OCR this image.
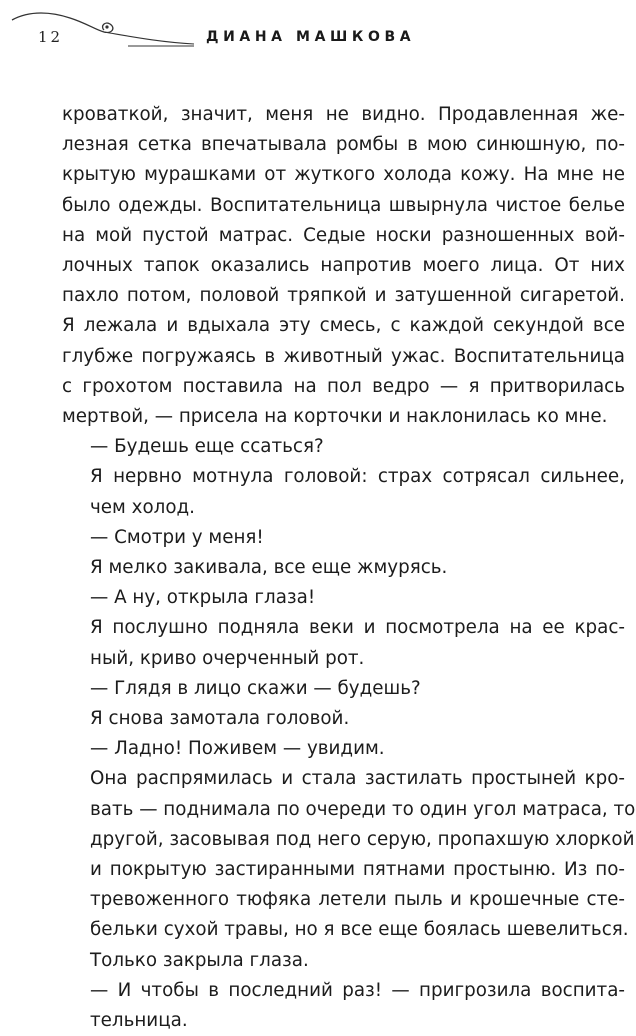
12	ДИАНА МАШКОВА

кроваткой, значит, меня не видно. Продавленная же-
лезная сетка впечатывала ромбы в мою синюшную, по-
крытую мурашками от жуткого холода кожу. На мне не
было одежды. Воспитательница швырнула чистое белье
на мой пустой матрас. Седые носки разношенных вой-
лочных тапок оказались напротив моего лица. От них
пахло потом, половой тряпкой и затушенной сигаретой.
Я лежала и вдыхала эту смесь, с каждой секундой все
глубже погружаясь в животный ужас. Воспитательница
с грохотом поставила на пол ведро — я притворилась
мертвой, — присела на корточки и наклонилась ко мне.

— Будешь еще ссаться?

Я нервно мотнула головой: страх сотрясал сильнее,
чем холод.

— Смотри у меня!

Я мелко закивала, все еще жмурясь.

— А ну, открыла глаза!

Я послушно подняла веки и посмотрела на ее крас-
ный, криво очерченный рот.

— Глядя в лицо скажи — будешь?

Я снова замотала головой.

— Ладно! Поживем — увидим.

Она распрямилась и стала застилать простыней кро-
вать — поднимала по очереди то один угол матраса, то
другой, засовывая под него серую, пропахшую хлоркой
и покрытую застиранными пятнами простыню. Из по-
тревоженного тюфяка летели пыль и крошечные сте-
бельки сухой травы, но я все еще боялась шевелиться.
Только закрыла глаза.

— И чтобы в последний раз! — пригрозила воспита-
тельница.
